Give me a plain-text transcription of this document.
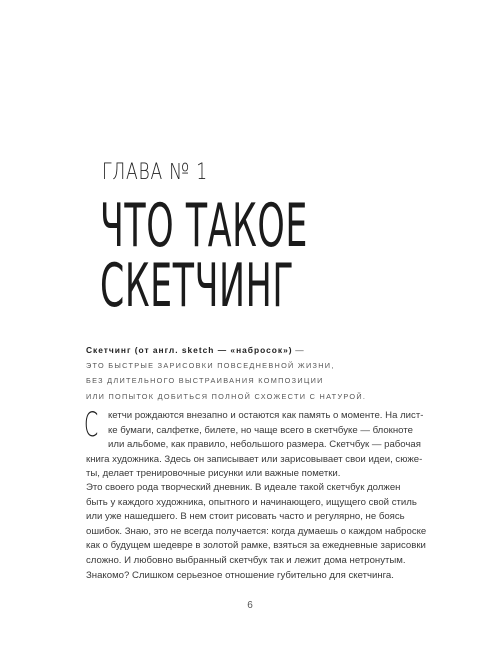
ГЛАВА № 1
ЧТО ТАКОЕ
СКЕТЧИНГ
Скетчинг (от англ. sketch — «набросок») —
ЭТО БЫСТРЫЕ ЗАРИСОВКИ ПОВСЕДНЕВНОЙ ЖИЗНИ,
БЕЗ ДЛИТЕЛЬНОГО ВЫСТРАИВАНИЯ КОМПОЗИЦИИ
ИЛИ ПОПЫТОК ДОБИТЬСЯ ПОЛНОЙ СХОЖЕСТИ С НАТУРОЙ.
С	кетчи рождаются внезапно и остаются как память о моменте. На лист-
ке бумаги, салфетке, билете, но чаще всего в скетчбуке — блокноте
или альбоме, как правило, небольшого размера. Скетчбук — рабочая
книга художника. Здесь он записывает или зарисовывает свои идеи, сюже-
ты, делает тренировочные рисунки или важные пометки.
Это своего рода творческий дневник. В идеале такой скетчбук должен
быть у каждого художника, опытного и начинающего, ищущего свой стиль
или уже нашедшего. В нем стоит рисовать часто и регулярно, не боясь
ошибок. Знаю, это не всегда получается: когда думаешь о каждом наброске
как о будущем шедевре в золотой рамке, взяться за ежедневные зарисовки
сложно. И любовно выбранный скетчбук так и лежит дома нетронутым.
Знакомо? Слишком серьезное отношение губительно для скетчинга.
6
